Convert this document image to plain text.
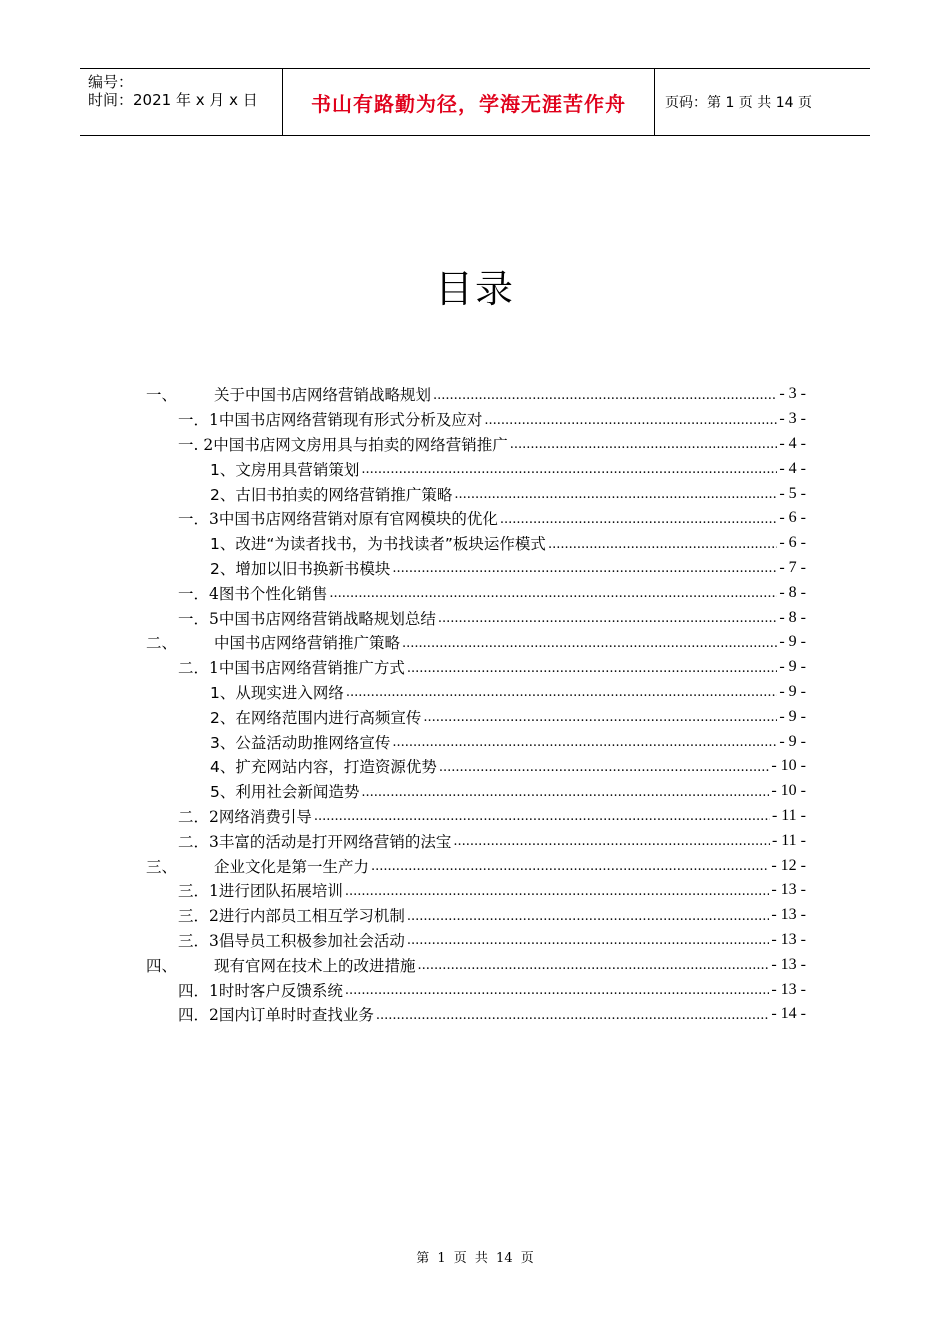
编号：
时间：2021 年 x 月 x 日	书山有路勤为径，学海无涯苦作舟	页码：第 1 页 共 14 页
目录
一、	关于中国书店网络营销战略规划 .....	- 3 -
一．1 中国书店网络营销现有形式分析及应对 .....	- 3 -
一. 2 中国书店网文房用具与拍卖的网络营销推广 .....	- 4 -
1、 文房用具营销策划 .....	- 4 -
2、 古旧书拍卖的网络营销推广策略 .....	- 5 -
一．3 中国书店网络营销对原有官网模块的优化 .....	- 6 -
1、 改进“为读者找书，为书找读者”板块运作模式 .....	- 6 -
2、 增加以旧书换新书模块 .....	- 7 -
一．4 图书个性化销售 .....	- 8 -
一．5 中国书店网络营销战略规划总结 .....	- 8 -
二、	中国书店网络营销推广策略 .....	- 9 -
二．1 中国书店网络营销推广方式 .....	- 9 -
1、 从现实进入网络 .....	- 9 -
2、 在网络范围内进行高频宣传 .....	- 9 -
3、 公益活动助推网络宣传 .....	- 9 -
4、 扩充网站内容，打造资源优势 .....	- 10 -
5、 利用社会新闻造势 .....	- 10 -
二．2 网络消费引导 .....	- 11 -
二．3 丰富的活动是打开网络营销的法宝 .....	- 11 -
三、	企业文化是第一生产力 .....	- 12 -
三．1 进行团队拓展培训 .....	- 13 -
三．2 进行内部员工相互学习机制 .....	- 13 -
三．3 倡导员工积极参加社会活动 .....	- 13 -
四、	现有官网在技术上的改进措施 .....	- 13 -
四．1 时时客户反馈系统 .....	- 13 -
四．2 国内订单时时查找业务 .....	- 14 -
第 1 页 共 14 页
